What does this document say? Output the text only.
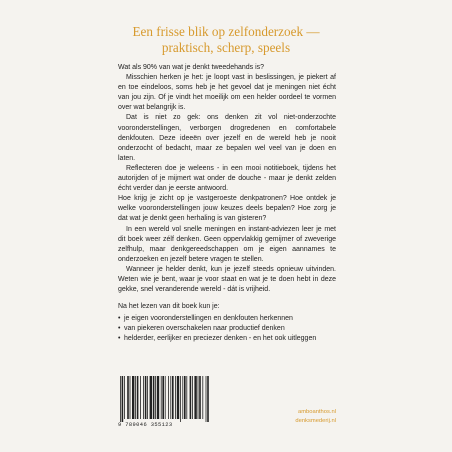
Een frisse blik op zelfonderzoek —
praktisch, scherp, speels

Wat als 90% van wat je denkt tweedehands is?

Misschien herken je het: je loopt vast in beslissingen, je piekert af en toe eindeloos, soms heb je het gevoel dat je meningen niet écht van jou zijn. Of je vindt het moeilijk om een helder oordeel te vormen over wat belangrijk is.

Dat is niet zo gek: ons denken zit vol niet-onderzochte vooronderstellingen, verborgen drogredenen en comfortabele denkfouten. Deze ideeën over jezelf en de wereld heb je nooit onderzocht of bedacht, maar ze bepalen wel veel van je doen en laten.

Reflecteren doe je weleens - in een mooi notitieboek, tijdens het autorijden of je mijmert wat onder de douche - maar je denkt zelden écht verder dan je eerste antwoord.

Hoe krijg je zicht op je vastgeroeste denkpatronen? Hoe ontdek je welke vooronderstellingen jouw keuzes deels bepalen? Hoe zorg je dat wat je denkt geen herhaling is van gisteren?

In een wereld vol snelle meningen en instant-adviezen leer je met dit boek weer zélf denken. Geen oppervlakkig gemijmer of zweverige zelfhulp, maar denkgereedschappen om je eigen aannames te onderzoeken en jezelf betere vragen te stellen.

Wanneer je helder denkt, kun je jezelf steeds opnieuw uitvinden. Weten wie je bent, waar je voor staat en wat je te doen hebt in deze gekke, snel veranderende wereld - dát is vrijheid.

Na het lezen van dit boek kun je:

• je eigen vooronderstellingen en denkfouten herkennen
• van piekeren overschakelen naar productief denken
• helderder, eerlijker en preciezer denken - en het ook uitleggen
9 789046 355123
amboanthos.nl
denksmederij.nl
